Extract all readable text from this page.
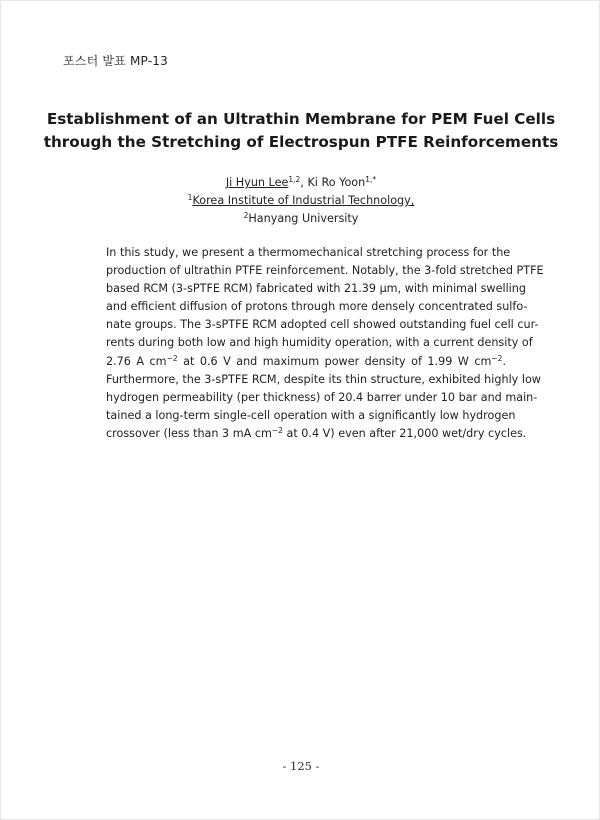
포스터 발표 MP-13
Establishment of an Ultrathin Membrane for PEM Fuel Cells
through the Stretching of Electrospun PTFE Reinforcements
Ji Hyun Lee$^{1,2}$, Ki Ro Yoon$^{1,*}$
$^1$Korea Institute of Industrial Technology,
$^2$Hanyang University
In this study, we present a thermomechanical stretching process for the
production of ultrathin PTFE reinforcement. Notably, the 3-fold stretched PTFE
based RCM (3-sPTFE RCM) fabricated with 21.39 μm, with minimal swelling
and efficient diffusion of protons through more densely concentrated sulfo-
nate groups. The 3-sPTFE RCM adopted cell showed outstanding fuel cell cur-
rents during both low and high humidity operation, with a current density of
2.76 A $cm^{-2}$ at 0.6 V and maximum power density of 1.99 W $cm^{-2}$.
Furthermore, the 3-sPTFE RCM, despite its thin structure, exhibited highly low
hydrogen permeability (per thickness) of 20.4 barrer under 10 bar and main-
tained a long-term single-cell operation with a significantly low hydrogen
crossover (less than 3 mA $cm^{-2}$ at 0.4 V) even after 21,000 wet/dry cycles.
- 125 -
